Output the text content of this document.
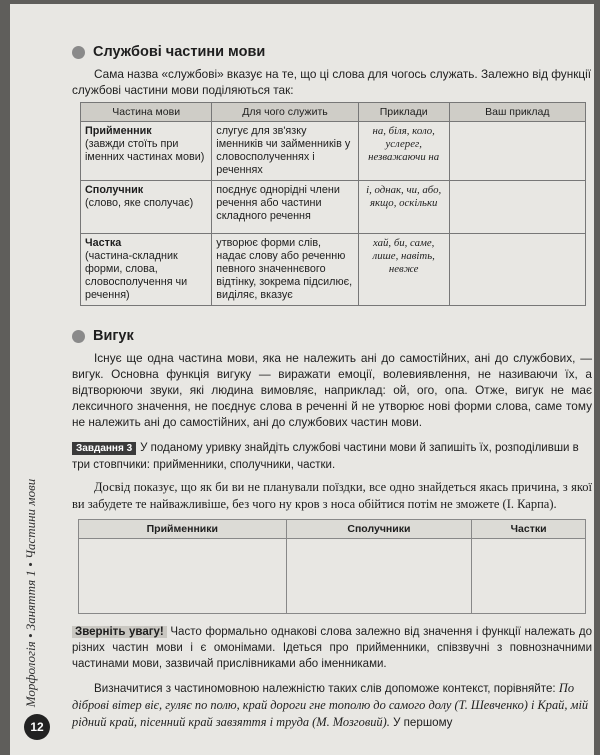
Морфологія • Заняття 1 • Частини мови
12
Службові частини мови

Сама назва «службові» вказує на те, що ці слова для чогось служать. Залежно від функції службові частини мови поділяються так:

Частина мови	Для чого служить	Приклади	Ваш приклад

Прийменник
(завжди стоїть при іменних частинах мови)	слугує для зв'язку іменників чи займенників у словосполученнях і реченнях	на, біля, коло, услерег, незважаючи на	

Сполучник
(слово, яке сполучає)	поєднує однорідні члени речення або частини складного речення	і, однак, чи, або, якщо, оскільки	

Частка
(частина-складник форми, слова, словосполучення чи речення)	утворює форми слів, надає слову або реченню певного значеннєвого відтінку, зокрема підсилює, виділяє, вказує	хай, би, саме, лише, навіть, невже	
Вигук

Існує ще одна частина мови, яка не належить ані до самостійних, ані до службових, — вигук. Основна функція вигуку — виражати емоції, волевиявлення, не називаючи їх, а відтворюючи звуки, які людина вимовляє, наприклад: ой, ого, опа. Отже, вигук не має лексичного значення, не поєднує слова в реченні й не утворює нові форми слова, саме тому не належить ані до самостійних, ані до службових частин мови.

Завдання 3 У поданому уривку знайдіть службові частини мови й запишіть їх, розподіливши в три стовпчики: прийменники, сполучники, частки.
Досвід показує, що як би ви не планували поїздки, все одно знайдеться якась причина, з якої ви забудете те найважливіше, без чого ну кров з носа обійтися потім не зможете (І. Карпа).
Прийменники	Сполучники	Частки

Зверніть увагу! Часто формально однакові слова залежно від значення і функції належать до різних частин мови і є омонімами. Ідеться про прийменники, співзвучні з повнозначними частинами мови, зазвичай прислівниками або іменниками.
Визначитися з частиномовною належністю таких слів допоможе контекст, порівняйте: По діброві вітер віє, гуляє по полю, край дороги гне тополю до самого долу (Т. Шевченко) і Край, мій рідний край, пісенний край завзяття і труда (М. Мозговий). У першому
